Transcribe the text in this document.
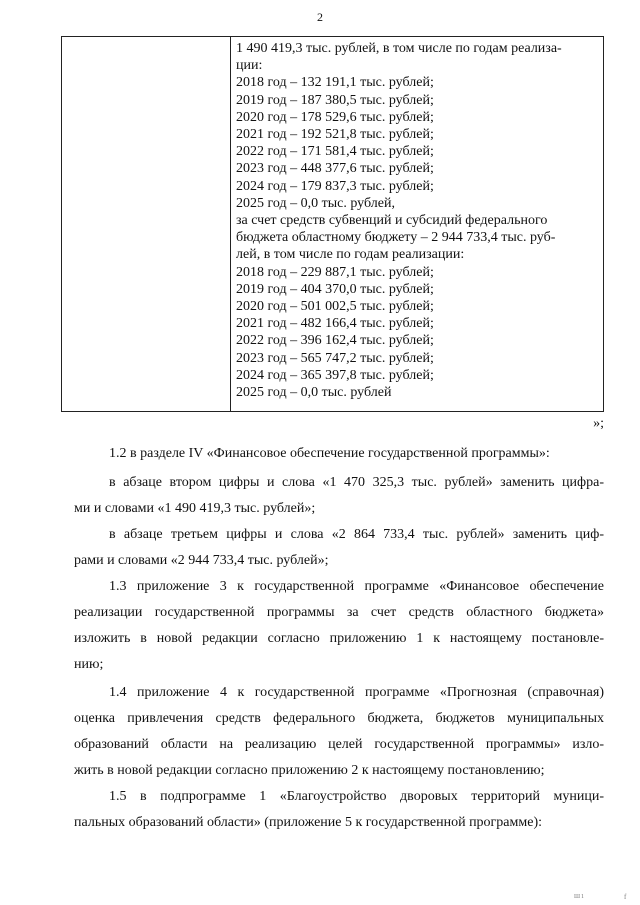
2
1 490 419,3 тыс. рублей, в том числе по годам реализа-
ции:
2018 год – 132 191,1 тыс. рублей;
2019 год – 187 380,5 тыс. рублей;
2020 год – 178 529,6 тыс. рублей;
2021 год – 192 521,8 тыс. рублей;
2022 год – 171 581,4 тыс. рублей;
2023 год – 448 377,6 тыс. рублей;
2024 год – 179 837,3 тыс. рублей;
2025 год – 0,0 тыс. рублей,
за счет средств субвенций и субсидий федерального
бюджета областному бюджету – 2 944 733,4 тыс. руб-
лей, в том числе по годам реализации:
2018 год – 229 887,1 тыс. рублей;
2019 год – 404 370,0 тыс. рублей;
2020 год – 501 002,5 тыс. рублей;
2021 год – 482 166,4 тыс. рублей;
2022 год – 396 162,4 тыс. рублей;
2023 год – 565 747,2 тыс. рублей;
2024 год – 365 397,8 тыс. рублей;
2025 год – 0,0 тыс. рублей
»;
1.2 в разделе IV «Финансовое обеспечение государственной программы»:
в абзаце втором цифры и слова «1 470 325,3 тыс. рублей» заменить цифра-
ми и словами «1 490 419,3 тыс. рублей»;
в абзаце третьем цифры и слова «2 864 733,4 тыс. рублей» заменить циф-
рами и словами «2 944 733,4 тыс. рублей»;
1.3 приложение 3 к государственной программе «Финансовое обеспечение
реализации государственной программы за счет средств областного бюджета»
изложить в новой редакции согласно приложению 1 к настоящему постановле-
нию;
1.4 приложение 4 к государственной программе «Прогнозная (справочная)
оценка привлечения средств федерального бюджета, бюджетов муниципальных
образований области на реализацию целей государственной программы» изло-
жить в новой редакции согласно приложению 2 к настоящему постановлению;
1.5 в подпрограмме 1 «Благоустройство дворовых территорий муници-
пальных образований области» (приложение 5 к государственной программе):
Ш1	f
